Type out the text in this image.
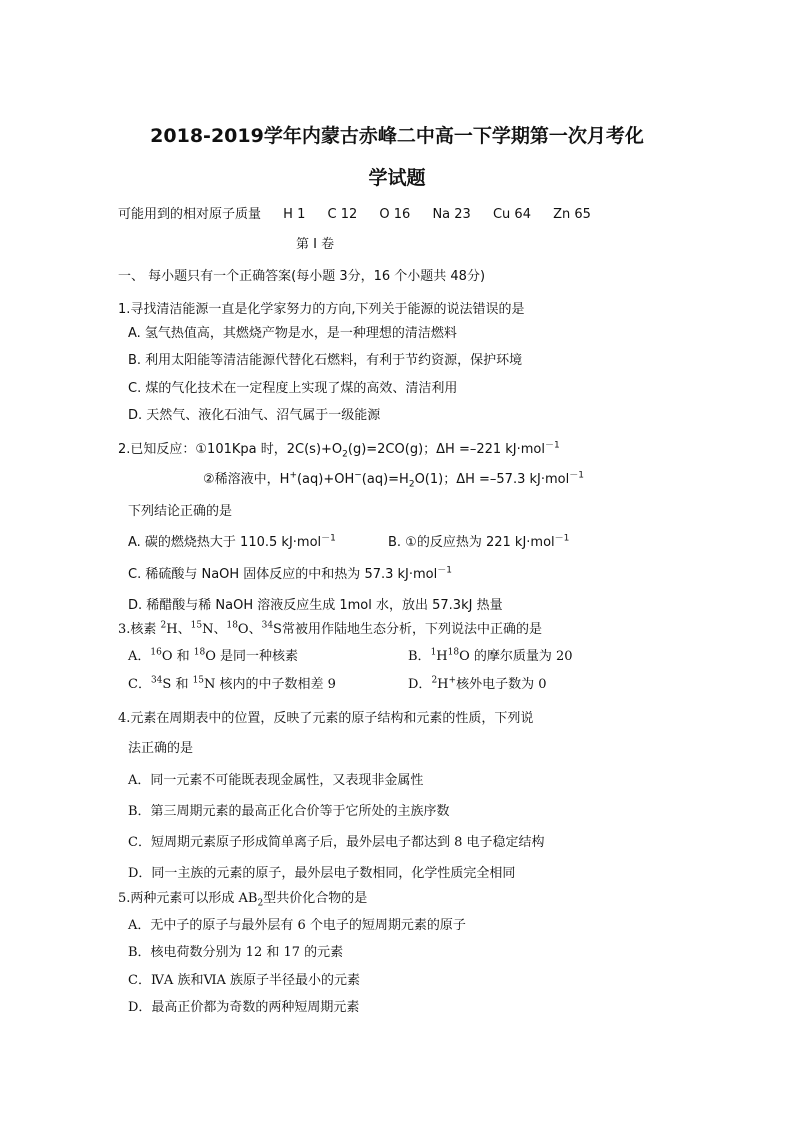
2018-2019学年内蒙古赤峰二中高一下学期第一次月考化
学试题
可能用到的相对原子质量 H 1 C 12 O 16 Na 23 Cu 64 Zn 65
第 I 卷
一、 每小题只有一个正确答案(每小题 3分，16 个小题共 48分)
1.寻找清洁能源一直是化学家努力的方向,下列关于能源的说法错误的是
A. 氢气热值高，其燃烧产物是水，是一种理想的清洁燃料
B. 利用太阳能等清洁能源代替化石燃料，有利于节约资源，保护环境
C. 煤的气化技术在一定程度上实现了煤的高效、清洁利用
D. 天然气、液化石油气、沼气属于一级能源
2.已知反应：①101Kpa 时，$2C(s)+O_2(g)=2CO(g)$；ΔH =–221 kJ·mol$^{-1}$
②稀溶液中，$H^+(aq)+OH^-(aq)=H_2O(1)$；ΔH =–57.3 kJ·mol$^{-1}$
下列结论正确的是
A. 碳的燃烧热大于 110.5 kJ·mol$^{-1}$	B. ①的反应热为 221 kJ·mol$^{-1}$
C. 稀硫酸与 NaOH 固体反应的中和热为 57.3 kJ·mol$^{-1}$
D. 稀醋酸与稀 NaOH 溶液反应生成 1mol 水，放出 57.3kJ 热量
3.核素 $^2$H、$^{15}$N、$^{18}$O、$^{34}$S常被用作陆地生态分析，下列说法中正确的是
A．$^{16}$O 和 $^{18}$O 是同一种核素	B．$^1H^{18}O$ 的摩尔质量为 20
C．$^{34}$S 和 $^{15}$N 核内的中子数相差 9	D．$^2$H+核外电子数为 0
4.元素在周期表中的位置，反映了元素的原子结构和元素的性质，下列说
法正确的是
A．同一元素不可能既表现金属性，又表现非金属性
B．第三周期元素的最高正化合价等于它所处的主族序数
C．短周期元素原子形成简单离子后，最外层电子都达到 8 电子稳定结构
D．同一主族的元素的原子，最外层电子数相同，化学性质完全相同
5.两种元素可以形成 $AB_2$型共价化合物的是
A．无中子的原子与最外层有 6 个电子的短周期元素的原子
B．核电荷数分别为 12 和 17 的元素
C．ⅣA 族和ⅥA 族原子半径最小的元素
D．最高正价都为奇数的两种短周期元素
